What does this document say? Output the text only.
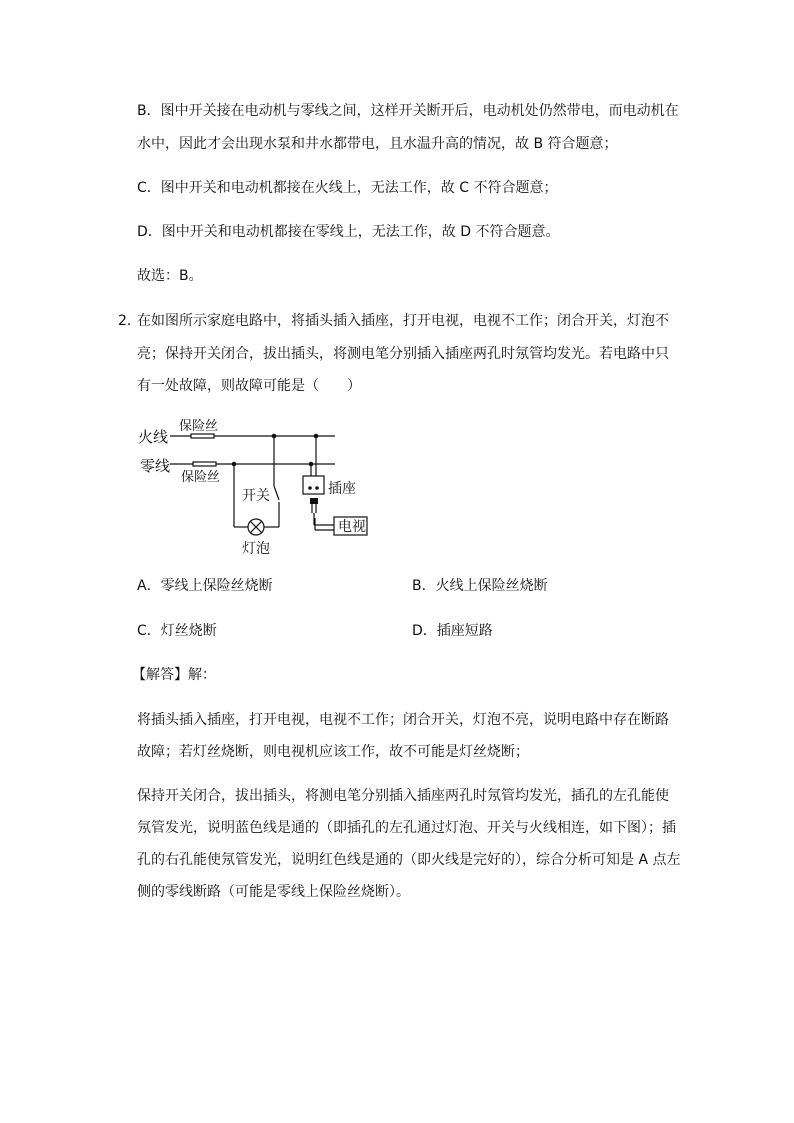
B．图中开关接在电动机与零线之间，这样开关断开后，电动机处仍然带电，而电动机在
水中，因此才会出现水泵和井水都带电，且水温升高的情况，故 B 符合题意；
C．图中开关和电动机都接在火线上，无法工作，故 C 不符合题意；
D．图中开关和电动机都接在零线上，无法工作，故 D 不符合题意。
故选：B。
2．
在如图所示家庭电路中，将插头插入插座，打开电视，电视不工作；闭合开关，灯泡不
亮；保持开关闭合，拔出插头，将测电笔分别插入插座两孔时氖管均发光。若电路中只
有一处故障，则故障可能是（　　）
火线
保险丝
零线
保险丝
开关	插座
灯泡
电视
A．零线上保险丝烧断	B．火线上保险丝烧断
C．灯丝烧断	D．插座短路
【解答】解：
将插头插入插座，打开电视，电视不工作；闭合开关，灯泡不亮，说明电路中存在断路
故障；若灯丝烧断，则电视机应该工作，故不可能是灯丝烧断；
保持开关闭合，拔出插头，将测电笔分别插入插座两孔时氖管均发光，插孔的左孔能使
氖管发光，说明蓝色线是通的（即插孔的左孔通过灯泡、开关与火线相连，如下图）；插
孔的右孔能使氖管发光，说明红色线是通的（即火线是完好的），综合分析可知是 A 点左
侧的零线断路（可能是零线上保险丝烧断）。
